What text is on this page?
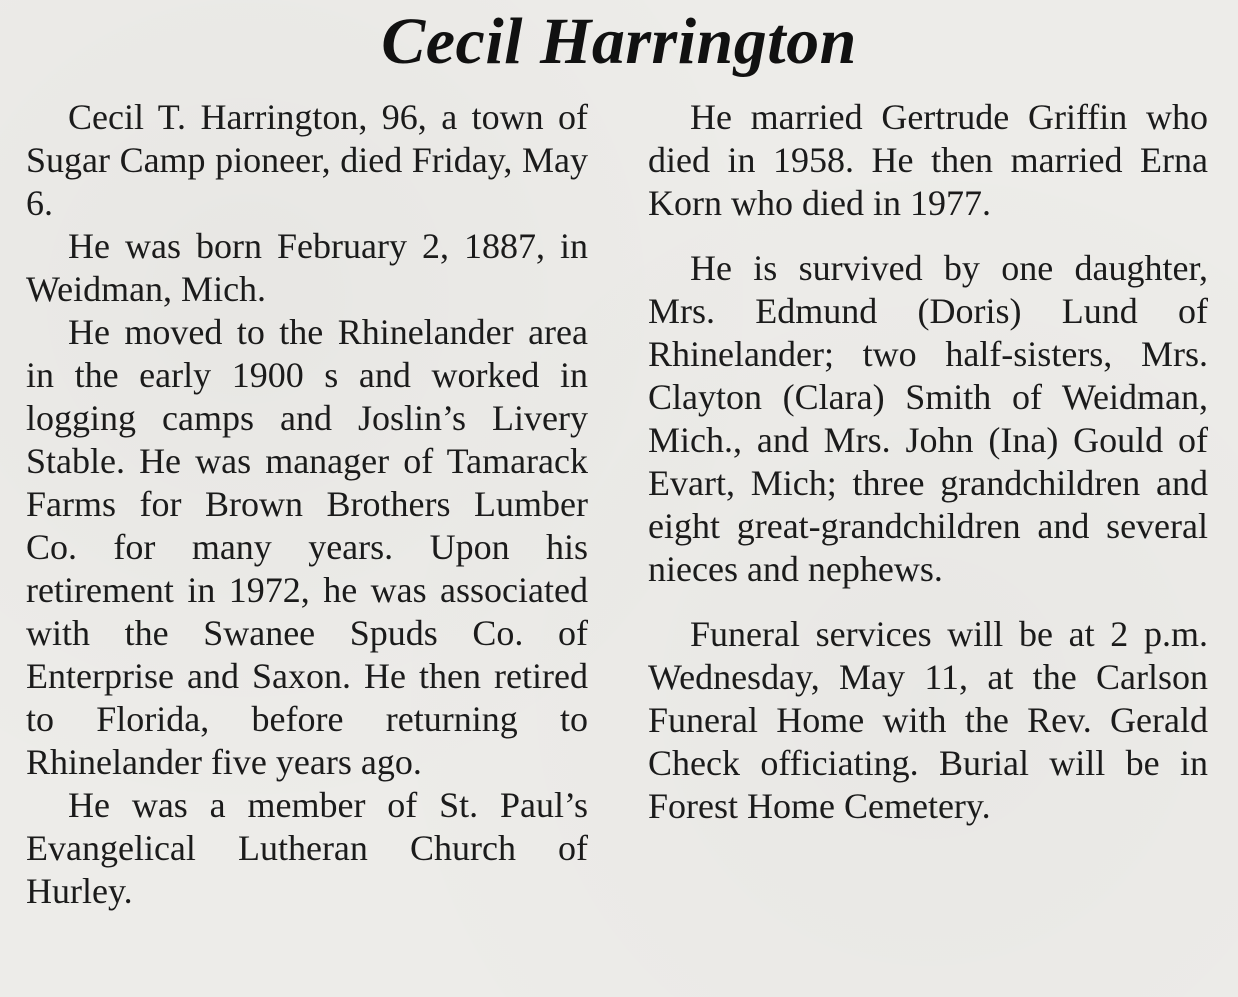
Cecil Harrington

Cecil T. Harrington, 96, a town of Sugar Camp pioneer, died Friday, May 6.

He was born February 2, 1887, in Weidman, Mich.

He moved to the Rhinelander area in the early 1900 s and worked in logging camps and Joslin’s Livery Stable. He was manager of Tamarack Farms for Brown Brothers Lumber Co. for many years. Upon his retirement in 1972, he was associated with the Swanee Spuds Co. of Enterprise and Saxon. He then retired to Florida, before returning to Rhinelander five years ago.

He was a member of St. Paul’s Evangelical Lutheran Church of Hurley.

He married Gertrude Griffin who died in 1958. He then married Erna Korn who died in 1977.

He is survived by one daughter, Mrs. Edmund (Doris) Lund of Rhinelander; two half-sisters, Mrs. Clayton (Clara) Smith of Weidman, Mich., and Mrs. John (Ina) Gould of Evart, Mich; three grandchildren and eight great-grandchildren and several nieces and nephews.

Funeral services will be at 2 p.m. Wednesday, May 11, at the Carlson Funeral Home with the Rev. Gerald Check officiating. Burial will be in Forest Home Cemetery.
